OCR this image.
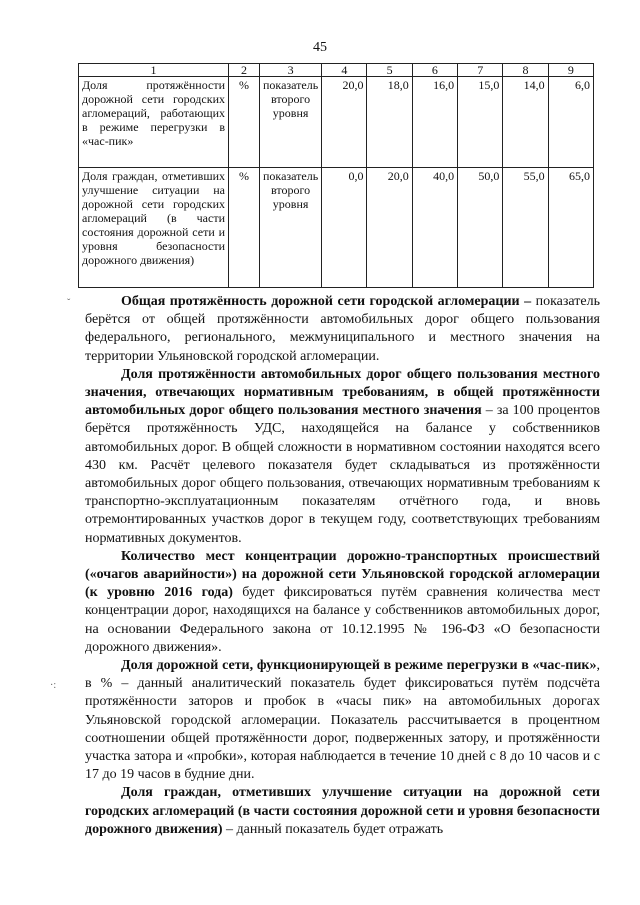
45
1	2	3	4	5	6	7	8	9
Доля протяжённости дорожной сети городских агломераций, работающих в режиме перегрузки в «час-пик»	%	показатель второго уровня	20,0	18,0	16,0	15,0	14,0	6,0
Доля граждан, отметивших улучшение ситуации на дорожной сети городских агломераций (в части состояния дорожной сети и уровня безопасности дорожного движения)	%	показатель второго уровня	0,0	20,0	40,0	50,0	55,0	65,0
ˇ
·:

Общая протяжённость дорожной сети городской агломерации – показатель берётся от общей протяжённости автомобильных дорог общего пользования федерального, регионального, межмуниципального и местного значения на территории Ульяновской городской агломерации.

Доля протяжённости автомобильных дорог общего пользования местного значения, отвечающих нормативным требованиям, в общей протяжённости автомобильных дорог общего пользования местного значения – за 100 процентов берётся протяжённость УДС, находящейся на балансе у собственников автомобильных дорог. В общей сложности в нормативном состоянии находятся всего 430 км. Расчёт целевого показателя будет складываться из протяжённости автомобильных дорог общего пользования, отвечающих нормативным требованиям к транспортно-эксплуатационным показателям отчётного года, и вновь отремонтированных участков дорог в текущем году, соответствующих требованиям нормативных документов.

Количество мест концентрации дорожно-транспортных происшествий («очагов аварийности») на дорожной сети Ульяновской городской агломерации (к уровню 2016 года) будет фиксироваться путём сравнения количества мест концентрации дорог, находящихся на балансе у собственников автомобильных дорог, на основании Федерального закона от 10.12.1995 № 196-ФЗ «О безопасности дорожного движения».

Доля дорожной сети, функционирующей в режиме перегрузки в «час-пик», в % – данный аналитический показатель будет фиксироваться путём подсчёта протяжённости заторов и пробок в «часы пик» на автомобильных дорогах Ульяновской городской агломерации. Показатель рассчитывается в процентном соотношении общей протяжённости дорог, подверженных затору, и протяжённости участка затора и «пробки», которая наблюдается в течение 10 дней с 8 до 10 часов и с 17 до 19 часов в будние дни.

Доля граждан, отметивших улучшение ситуации на дорожной сети городских агломераций (в части состояния дорожной сети и уровня безопасности дорожного движения) – данный показатель будет отражать
